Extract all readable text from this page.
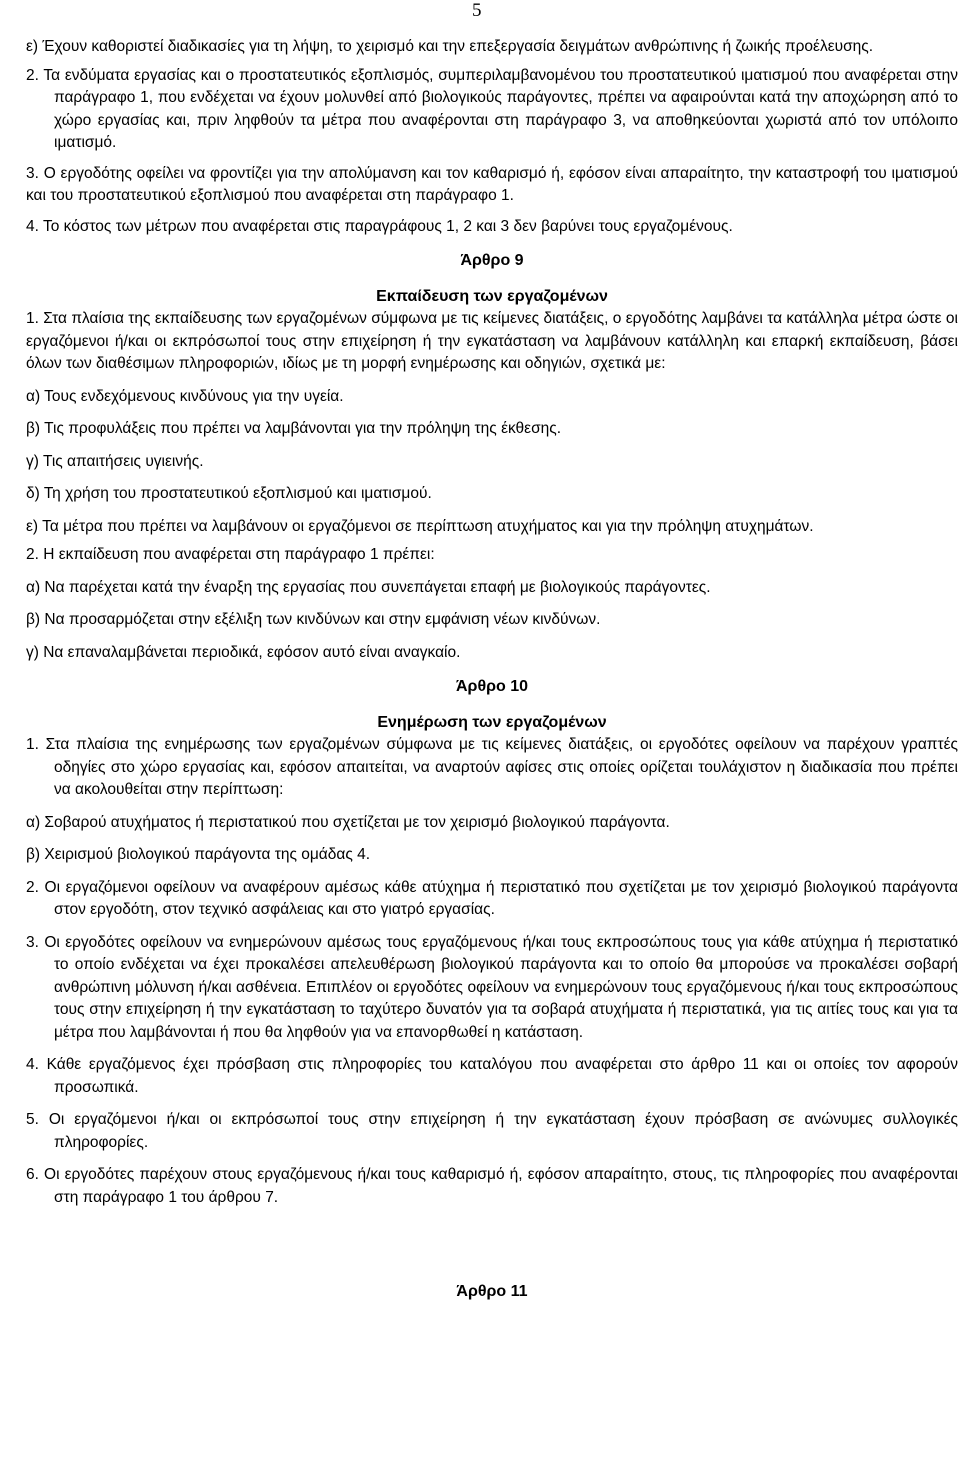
5

ε) Έχουν καθοριστεί διαδικασίες για τη λήψη, το χειρισμό και την επεξεργασία δειγμάτων ανθρώπινης ή ζωικής προέλευσης.

2. Τα ενδύματα εργασίας και ο προστατευτικός εξοπλισμός, συμπεριλαμβανομένου του προστατευτικού ιματισμού που αναφέρεται στην παράγραφο 1, που ενδέχεται να έχουν μολυνθεί από βιολογικούς παράγοντες, πρέπει να αφαιρούνται κατά την αποχώρηση από το χώρο εργασίας και, πριν ληφθούν τα μέτρα που αναφέρονται στη παράγραφο 3, να αποθηκεύονται χωριστά από τον υπόλοιπο ιματισμό.

3. Ο εργοδότης οφείλει να φροντίζει για την απολύμανση και τον καθαρισμό ή, εφόσον είναι απαραίτητο, την καταστροφή του ιματισμού και του προστατευτικού εξοπλισμού που αναφέρεται στη παράγραφο 1.

4. Το κόστος των μέτρων που αναφέρεται στις παραγράφους 1, 2 και 3 δεν βαρύνει τους εργαζομένους.

Άρθρο 9
Εκπαίδευση των εργαζομένων

1. Στα πλαίσια της εκπαίδευσης των εργαζομένων σύμφωνα με τις κείμενες διατάξεις, ο εργοδότης λαμβάνει τα κατάλληλα μέτρα ώστε οι εργαζόμενοι ή/και οι εκπρόσωποί τους στην επιχείρηση ή την εγκατάσταση να λαμβάνουν κατάλληλη και επαρκή εκπαίδευση, βάσει όλων των διαθέσιμων πληροφοριών, ιδίως με τη μορφή ενημέρωσης και οδηγιών, σχετικά με:

α) Τους ενδεχόμενους κινδύνους για την υγεία.

β) Τις προφυλάξεις που πρέπει να λαμβάνονται για την πρόληψη της έκθεσης.

γ) Τις απαιτήσεις υγιεινής.

δ) Τη χρήση του προστατευτικού εξοπλισμού και ιματισμού.

ε) Τα μέτρα που πρέπει να λαμβάνουν οι εργαζόμενοι σε περίπτωση ατυχήματος και για την πρόληψη ατυχημάτων.

2. Η εκπαίδευση που αναφέρεται στη παράγραφο 1 πρέπει:

α) Να παρέχεται κατά την έναρξη της εργασίας που συνεπάγεται επαφή με βιολογικούς παράγοντες.

β) Να προσαρμόζεται στην εξέλιξη των κινδύνων και στην εμφάνιση νέων κινδύνων.

γ) Να επαναλαμβάνεται περιοδικά, εφόσον αυτό είναι αναγκαίο.

Άρθρο 10
Ενημέρωση των εργαζομένων

1. Στα πλαίσια της ενημέρωσης των εργαζομένων σύμφωνα με τις κείμενες διατάξεις, οι εργοδότες οφείλουν να παρέχουν γραπτές οδηγίες στο χώρο εργασίας και, εφόσον απαιτείται, να αναρτούν αφίσες στις οποίες ορίζεται τουλάχιστον η διαδικασία που πρέπει να ακολουθείται στην περίπτωση:

α) Σοβαρού ατυχήματος ή περιστατικού που σχετίζεται με τον χειρισμό βιολογικού παράγοντα.

β) Χειρισμού βιολογικού παράγοντα της ομάδας 4.

2. Οι εργαζόμενοι οφείλουν να αναφέρουν αμέσως κάθε ατύχημα ή περιστατικό που σχετίζεται με τον χειρισμό βιολογικού παράγοντα στον εργοδότη, στον τεχνικό ασφάλειας και στο γιατρό εργασίας.

3. Οι εργοδότες οφείλουν να ενημερώνουν αμέσως τους εργαζόμενους ή/και τους εκπροσώπους τους για κάθε ατύχημα ή περιστατικό το οποίο ενδέχεται να έχει προκαλέσει απελευθέρωση βιολογικού παράγοντα και το οποίο θα μπορούσε να προκαλέσει σοβαρή ανθρώπινη μόλυνση ή/και ασθένεια. Επιπλέον οι εργοδότες οφείλουν να ενημερώνουν τους εργαζόμενους ή/και τους εκπροσώπους τους στην επιχείρηση ή την εγκατάσταση το ταχύτερο δυνατόν για τα σοβαρά ατυχήματα ή περιστατικά, για τις αιτίες τους και για τα μέτρα που λαμβάνονται ή που θα ληφθούν για να επανορθωθεί η κατάσταση.

4. Κάθε εργαζόμενος έχει πρόσβαση στις πληροφορίες του καταλόγου που αναφέρεται στο άρθρο 11 και οι οποίες τον αφορούν προσωπικά.

5. Οι εργαζόμενοι ή/και οι εκπρόσωποί τους στην επιχείρηση ή την εγκατάσταση έχουν πρόσβαση σε ανώνυμες συλλογικές πληροφορίες.

6. Οι εργοδότες παρέχουν στους εργαζόμενους ή/και τους καθαρισμό ή, εφόσον απαραίτητο, στους, τις πληροφορίες που αναφέρονται στη παράγραφο 1 του άρθρου 7.

Άρθρο 11
